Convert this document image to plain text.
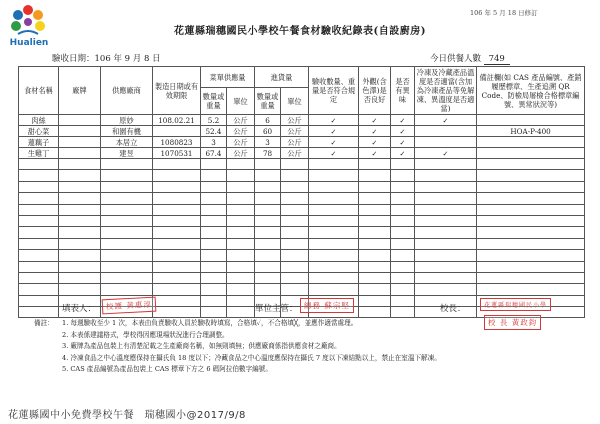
Hualien
106 年 5 月 18 日修訂
花蓮縣瑞穗國民小學校午餐食材驗收紀錄表(自設廚房)
驗收日期：106 年 9 月 8 日	今日供餐人數 749
食材名稱	廠牌	供應廠商	製造日期或有效期限	菜單供應量		進貨量		驗收數量、重量是否符合規定	外觀(含色澤)是否良好	是否有異味	冷凍及冷藏產品溫度是否適當(含加為冷凍產品等免解凍、異溫度是否適當)	備註欄(如 CAS 產品編號、產銷履歷標章、生產追溯 QR Code、防檢局屠檢合格標章編號、異常狀況等)
				數量或重量	單位	數量或重量	單位					
肉絲		原妙	108.02.21	5.2	公斤	6	公斤	✓	✓	✓	✓	
甜心菜		和園有機		52.4	公斤	60	公斤	✓	✓	✓		HOA-P-400
蓮藕子		本居立	1080823	3	公斤	3	公斤	✓	✓	✓		
生雞丁		建昱	1070531	67.4	公斤	78	公斤	✓	✓	✓	✓	

填表人：	校護 黃惠淳	單位主管： 總務 蘇宗堅	校長：	花蓮縣瑞穗國民小學
校 長 黃政鈞
備註： 1. 每週驗收至少 1 次，本表由負責驗收人員於驗收時填寫，合格填✓，不合格填╳，並應作適當處理。
2. 本表係建議格式，學校得因應現場狀況進行合理調整。
3. 廠牌為產品包裝上有清楚記載之生產廠商名稱，如無則填無；供應廠商係指供應食材之廠商。
4. 冷凍食品之中心溫度應保持在攝氏負 18 度以下；冷藏食品之中心溫度應保持在攝氏 7 度以下凍結點以上，禁止在室溫下解凍。
5. CAS 產品編號為產品包裝上 CAS 標章下方之 6 碼阿拉伯數字編號。
花蓮縣國中小免費學校午餐　瑞穗國小@2017/9/8
